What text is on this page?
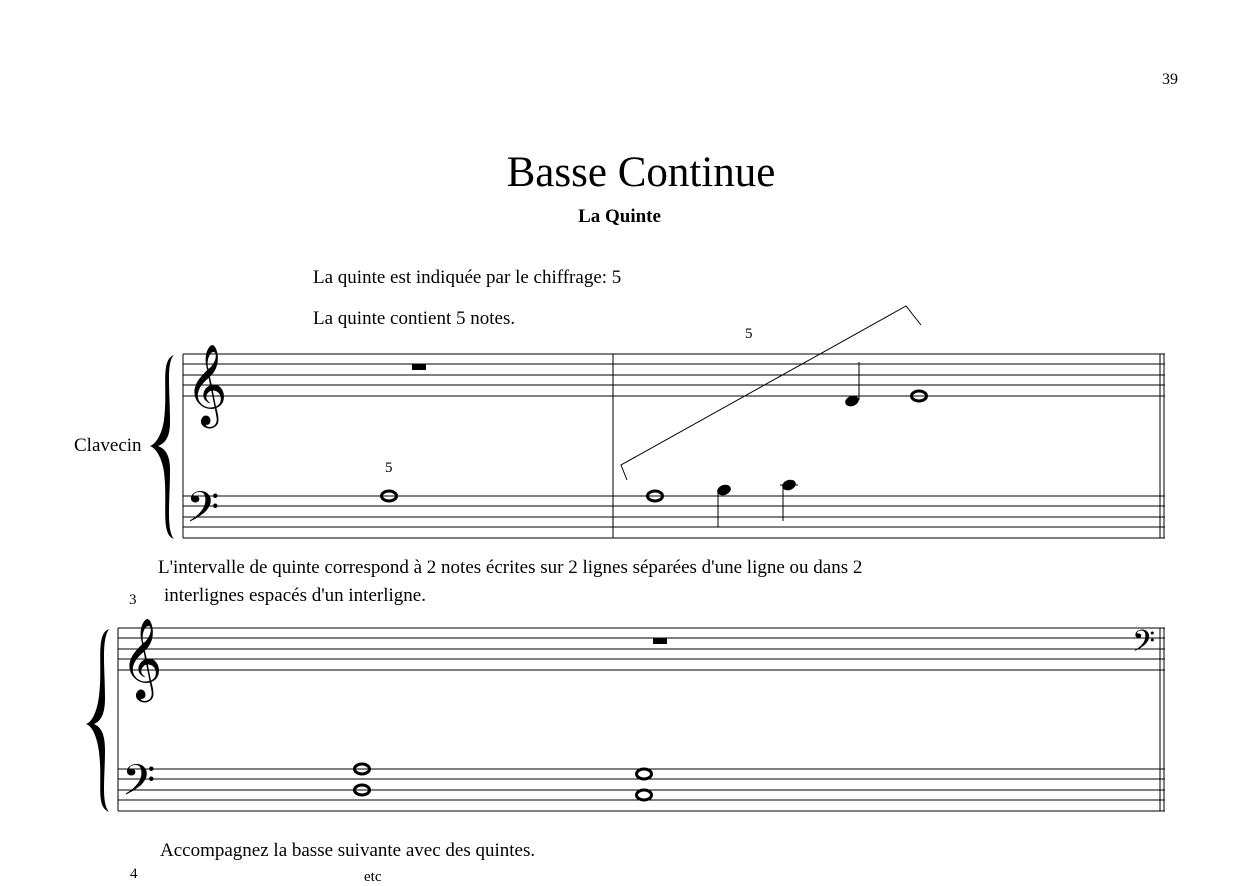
39
Basse Continue
La Quinte
La quinte est indiquée par le chiffrage: 5
La quinte contient 5 notes.
Clavecin
L'intervalle de quinte correspond à 2 notes écrites sur 2 lignes séparées d'une ligne ou dans 2
interlignes espacés d'un interligne.
Accompagnez la basse suivante avec des quintes.
3
4
5
5
etc
𝄞
𝄢
𝄞
𝄢
𝄢
